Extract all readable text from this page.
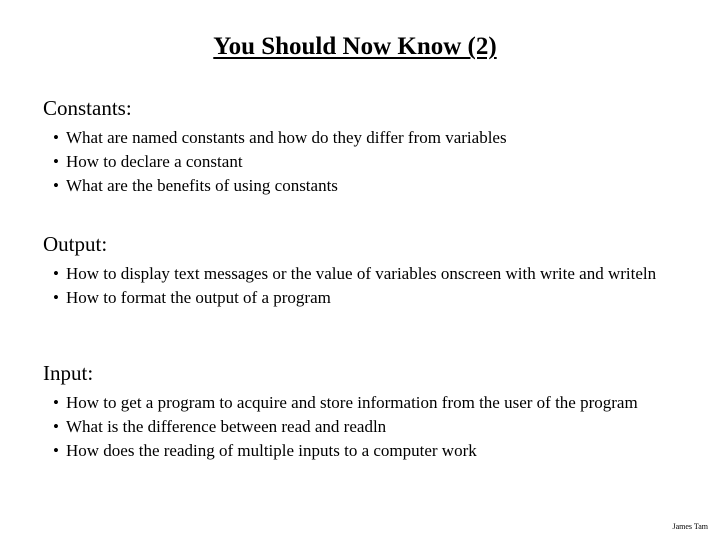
You Should Now Know (2)
Constants:
• What are named constants and how do they differ from variables
• How to declare a constant
• What are the benefits of using constants
Output:
• How to display text messages or the value of variables onscreen with write and writeln
• How to format the output of a program
Input:
• How to get a program to acquire and store information from the user of the program
• What is the difference between read and readln
• How does the reading of multiple inputs to a computer work
James Tam
